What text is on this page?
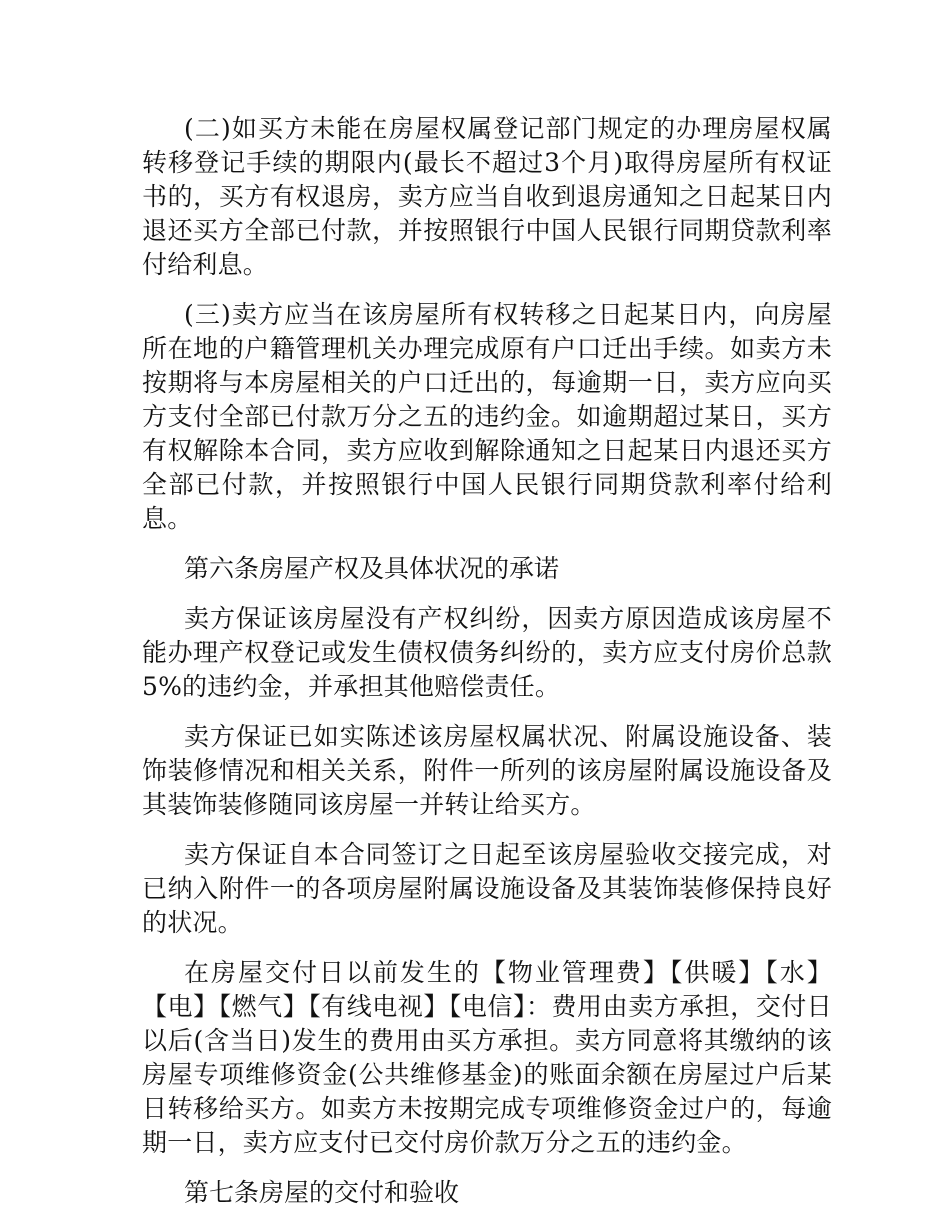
(二)如买方未能在房屋权属登记部门规定的办理房屋权属转移登记手续的期限内(最长不超过3个月)取得房屋所有权证书的，买方有权退房，卖方应当自收到退房通知之日起某日内退还买方全部已付款，并按照银行中国人民银行同期贷款利率付给利息。

(三)卖方应当在该房屋所有权转移之日起某日内，向房屋所在地的户籍管理机关办理完成原有户口迁出手续。如卖方未按期将与本房屋相关的户口迁出的，每逾期一日，卖方应向买方支付全部已付款万分之五的违约金。如逾期超过某日，买方有权解除本合同，卖方应收到解除通知之日起某日内退还买方全部已付款，并按照银行中国人民银行同期贷款利率付给利息。

第六条房屋产权及具体状况的承诺

卖方保证该房屋没有产权纠纷，因卖方原因造成该房屋不能办理产权登记或发生债权债务纠纷的，卖方应支付房价总款5%的违约金，并承担其他赔偿责任。

卖方保证已如实陈述该房屋权属状况、附属设施设备、装饰装修情况和相关关系，附件一所列的该房屋附属设施设备及其装饰装修随同该房屋一并转让给买方。

卖方保证自本合同签订之日起至该房屋验收交接完成，对已纳入附件一的各项房屋附属设施设备及其装饰装修保持良好的状况。

在房屋交付日以前发生的【物业管理费】【供暖】【水】【电】【燃气】【有线电视】【电信】：费用由卖方承担，交付日以后(含当日)发生的费用由买方承担。卖方同意将其缴纳的该房屋专项维修资金(公共维修基金)的账面余额在房屋过户后某日转移给买方。如卖方未按期完成专项维修资金过户的，每逾期一日，卖方应支付已交付房价款万分之五的违约金。

第七条房屋的交付和验收
